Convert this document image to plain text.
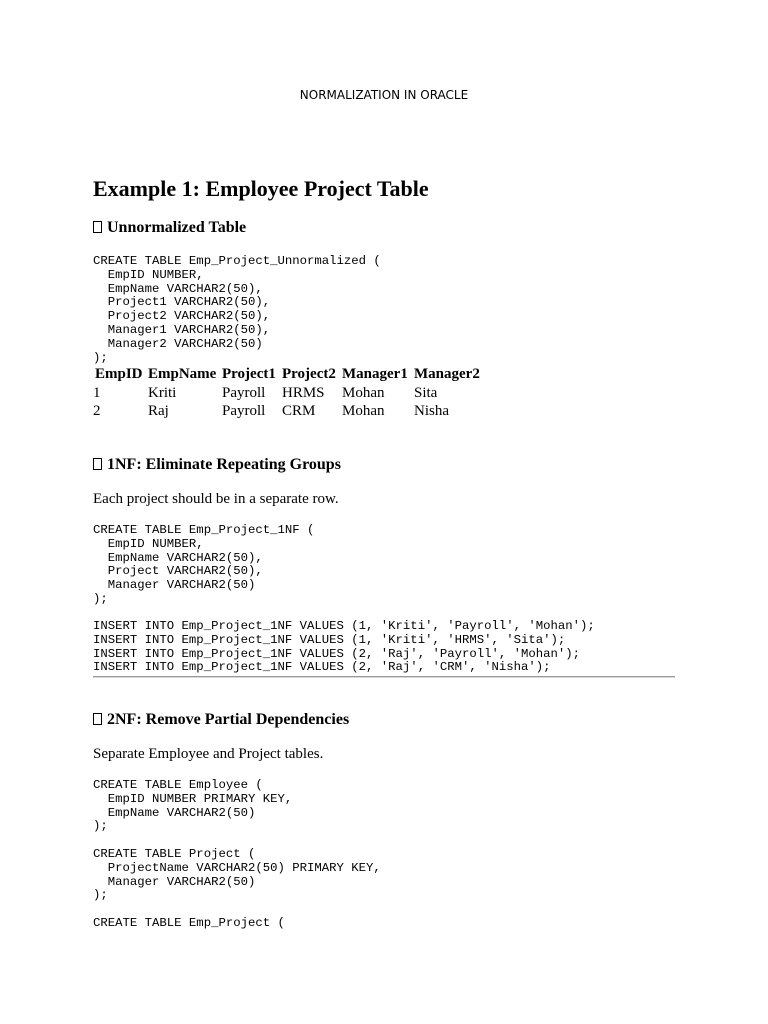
NORMALIZATION IN ORACLE
Example 1: Employee Project Table
Unnormalized Table
CREATE TABLE Emp_Project_Unnormalized (
EmpID NUMBER,
EmpName VARCHAR2(50),
Project1 VARCHAR2(50),
Project2 VARCHAR2(50),
Manager1 VARCHAR2(50),
Manager2 VARCHAR2(50)
);
EmpID	EmpName	Project1	Project2	Manager1	Manager2
1	Kriti	Payroll	HRMS	Mohan	Sita
2	Raj	Payroll	CRM	Mohan	Nisha
1NF: Eliminate Repeating Groups

Each project should be in a separate row.

CREATE TABLE Emp_Project_1NF (
EmpID NUMBER,
EmpName VARCHAR2(50),
Project VARCHAR2(50),
Manager VARCHAR2(50)
);
INSERT INTO Emp_Project_1NF VALUES (1, 'Kriti', 'Payroll', 'Mohan');
INSERT INTO Emp_Project_1NF VALUES (1, 'Kriti', 'HRMS', 'Sita');
INSERT INTO Emp_Project_1NF VALUES (2, 'Raj', 'Payroll', 'Mohan');
INSERT INTO Emp_Project_1NF VALUES (2, 'Raj', 'CRM', 'Nisha');
2NF: Remove Partial Dependencies

Separate Employee and Project tables.

CREATE TABLE Employee (
EmpID NUMBER PRIMARY KEY,
EmpName VARCHAR2(50)
);
CREATE TABLE Project (
ProjectName VARCHAR2(50) PRIMARY KEY,
Manager VARCHAR2(50)
);
CREATE TABLE Emp_Project (
